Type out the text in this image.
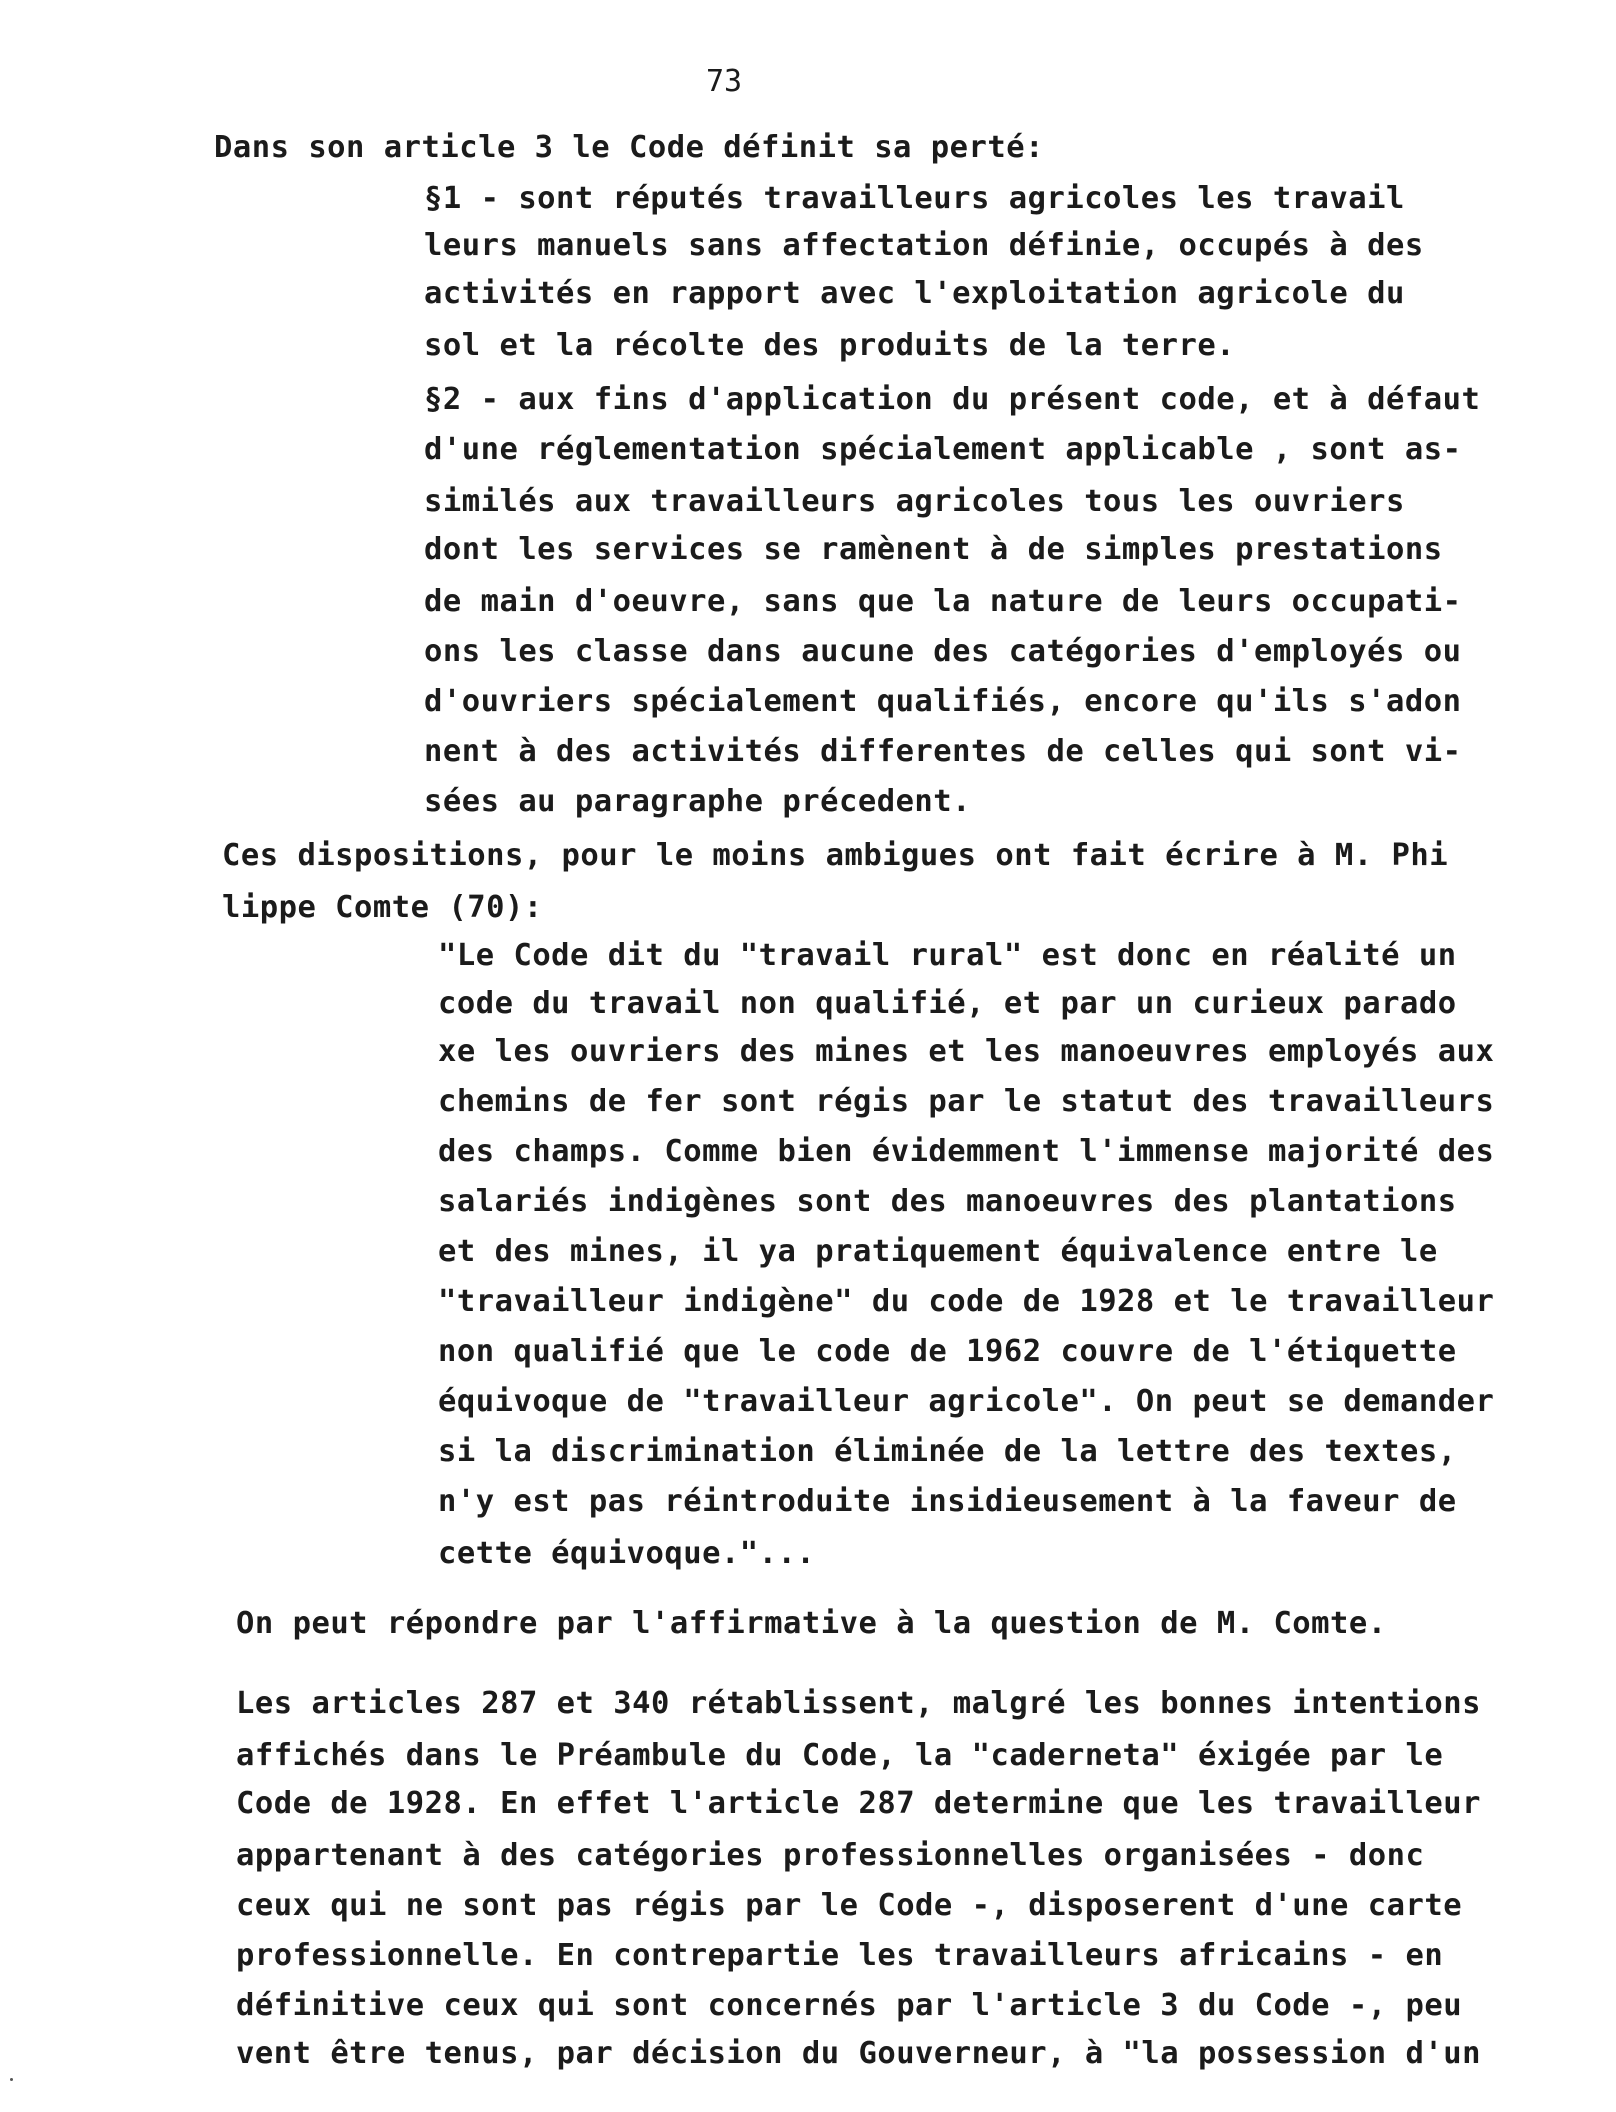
73
Dans son article 3 le Code définit sa perté:
§1 - sont réputés travailleurs agricoles les travail
leurs manuels sans affectation définie, occupés à des
activités en rapport avec l'exploitation agricole du
sol et la récolte des produits de la terre.
§2 - aux fins d'application du présent code, et à défaut
d'une réglementation spécialement applicable , sont as-
similés aux travailleurs agricoles tous les ouvriers
dont les services se ramènent à de simples prestations
de main d'oeuvre, sans que la nature de leurs occupati-
ons les classe dans aucune des catégories d'employés ou
d'ouvriers spécialement qualifiés, encore qu'ils s'adon
nent à des activités differentes de celles qui sont vi-
sées au paragraphe précedent.
Ces dispositions, pour le moins ambigues ont fait écrire à M. Phi
lippe Comte (70):
"Le Code dit du "travail rural" est donc en réalité un
code du travail non qualifié, et par un curieux parado
xe les ouvriers des mines et les manoeuvres employés aux
chemins de fer sont régis par le statut des travailleurs
des champs. Comme bien évidemment l'immense majorité des
salariés indigènes sont des manoeuvres des plantations
et des mines, il ya pratiquement équivalence entre le
"travailleur indigène" du code de 1928 et le travailleur
non qualifié que le code de 1962 couvre de l'étiquette
équivoque de "travailleur agricole". On peut se demander
si la discrimination éliminée de la lettre des textes,
n'y est pas réintroduite insidieusement à la faveur de
cette équivoque."...
On peut répondre par l'affirmative à la question de M. Comte.
Les articles 287 et 340 rétablissent, malgré les bonnes intentions
affichés dans le Préambule du Code, la "caderneta" éxigée par le
Code de 1928. En effet l'article 287 determine que les travailleur
appartenant à des catégories professionnelles organisées - donc
ceux qui ne sont pas régis par le Code -, disposerent d'une carte
professionnelle. En contrepartie les travailleurs africains - en
définitive ceux qui sont concernés par l'article 3 du Code -, peu
vent être tenus, par décision du Gouverneur, à "la possession d'un
